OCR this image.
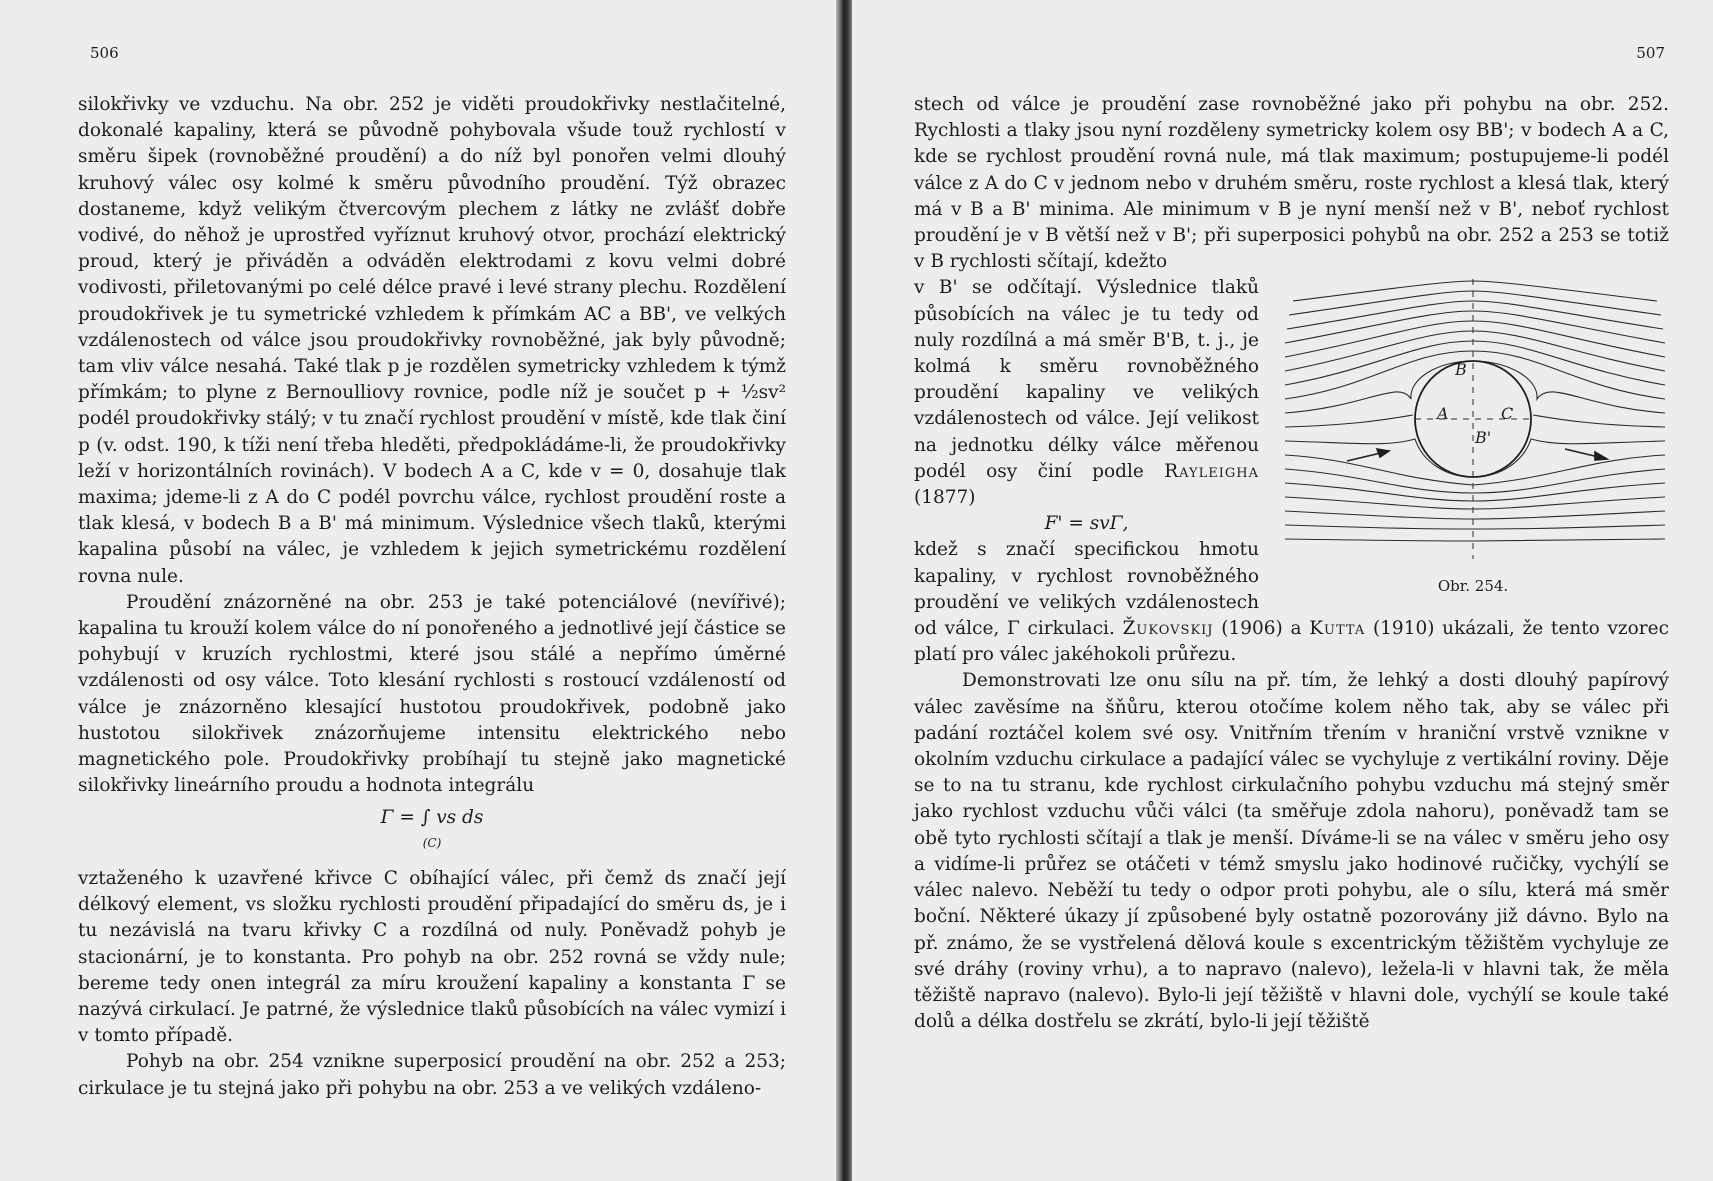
506

silokřivky ve vzduchu. Na obr. 252 je viděti proudokřivky nestlačitelné, dokonalé kapaliny, která se původně pohybovala všude touž rychlostí v směru šipek (rovnoběžné proudění) a do níž byl ponořen velmi dlouhý kruhový válec osy kolmé k směru původního proudění. Týž obrazec dostaneme, když velikým čtvercovým plechem z látky ne zvlášť dobře vodivé, do něhož je uprostřed vyříznut kruhový otvor, prochází elektrický proud, který je přiváděn a odváděn elektrodami z kovu velmi dobré vodivosti, přiletovanými po celé délce pravé i levé strany plechu. Rozdělení proudokřivek je tu symetrické vzhledem k přímkám AC a BB', ve velkých vzdálenostech od válce jsou proudokřivky rovnoběžné, jak byly původně; tam vliv válce nesahá. Také tlak p je rozdělen symetricky vzhledem k týmž přímkám; to plyne z Bernoulliovy rovnice, podle níž je součet p + ½sv² podél proudokřivky stálý; v tu značí rychlost proudění v místě, kde tlak činí p (v. odst. 190, k tíži není třeba hleděti, předpokládáme-li, že proudokřivky leží v horizontálních rovinách). V bodech A a C, kde v = 0, dosahuje tlak maxima; jdeme-li z A do C podél povrchu válce, rychlost proudění roste a tlak klesá, v bodech B a B' má minimum. Výslednice všech tlaků, kterými kapalina působí na válec, je vzhledem k jejich symetrickému rozdělení rovna nule.

Proudění znázorněné na obr. 253 je také potenciálové (nevířivé); kapalina tu krouží kolem válce do ní ponořeného a jednotlivé její částice se pohybují v kruzích rychlostmi, které jsou stálé a nepřímo úměrné vzdálenosti od osy válce. Toto klesání rychlosti s rostoucí vzdáleností od válce je znázorněno klesající hustotou proudokřivek, podobně jako hustotou silokřivek znázorňujeme intensitu elektrického nebo magnetického pole. Proudokřivky probíhají tu stejně jako magnetické silokřivky lineárního proudu a hodnota integrálu

Γ = ∫ vs ds
(C)

vztaženého k uzavřené křivce C obíhající válec, při čemž ds značí její délkový element, vs složku rychlosti proudění připadající do směru ds, je i tu nezávislá na tvaru křivky C a rozdílná od nuly. Poněvadž pohyb je stacionární, je to konstanta. Pro pohyb na obr. 252 rovná se vždy nule; bereme tedy onen integrál za míru kroužení kapaliny a konstanta Γ se nazývá cirkulací. Je patrné, že výslednice tlaků působících na válec vymizí i v tomto případě.

Pohyb na obr. 254 vznikne superposicí proudění na obr. 252 a 253; cirkulace je tu stejná jako při pohybu na obr. 253 a ve velikých vzdáleno-

507

stech od válce je proudění zase rovnoběžné jako při pohybu na obr. 252. Rychlosti a tlaky jsou nyní rozděleny symetricky kolem osy BB'; v bodech A a C, kde se rychlost proudění rovná nule, má tlak maximum; postupujeme-li podél válce z A do C v jednom nebo v druhém směru, roste rychlost a klesá tlak, který má v B a B' minima. Ale minimum v B je nyní menší než v B', neboť rychlost proudění je v B větší než v B'; při superposici pohybů na obr. 252 a 253 se totiž v B rychlosti sčítají, kdežto

B
A	C
B'
Obr. 254.

v B' se odčítají. Výslednice tlaků působících na válec je tu tedy od nuly rozdílná a má směr B'B, t. j., je kolmá k směru rovnoběžného proudění kapaliny ve velikých vzdálenostech od válce. Její velikost na jednotku délky válce měřenou podél osy činí podle Rayleigha (1877)

F' = svΓ,

kdež s značí specifickou hmotu kapaliny, v rychlost rovnoběžného proudění ve velikých vzdálenostech od válce, Γ cirkulaci. Žukovskij (1906) a Kutta (1910) ukázali, že tento vzorec platí pro válec jakéhokoli průřezu.

Demonstrovati lze onu sílu na př. tím, že lehký a dosti dlouhý papírový válec zavěsíme na šňůru, kterou otočíme kolem něho tak, aby se válec při padání roztáčel kolem své osy. Vnitřním třením v hraniční vrstvě vznikne v okolním vzduchu cirkulace a padající válec se vychyluje z vertikální roviny. Děje se to na tu stranu, kde rychlost cirkulačního pohybu vzduchu má stejný směr jako rychlost vzduchu vůči válci (ta směřuje zdola nahoru), poněvadž tam se obě tyto rychlosti sčítají a tlak je menší. Díváme-li se na válec v směru jeho osy a vidíme-li průřez se otáčeti v témž smyslu jako hodinové ručičky, vychýlí se válec nalevo. Neběží tu tedy o odpor proti pohybu, ale o sílu, která má směr boční. Některé úkazy jí způsobené byly ostatně pozorovány již dávno. Bylo na př. známo, že se vystřelená dělová koule s excentrickým těžištěm vychyluje ze své dráhy (roviny vrhu), a to napravo (nalevo), ležela-li v hlavni tak, že měla těžiště napravo (nalevo). Bylo-li její těžiště v hlavni dole, vychýlí se koule také dolů a délka dostřelu se zkrátí, bylo-li její těžiště
